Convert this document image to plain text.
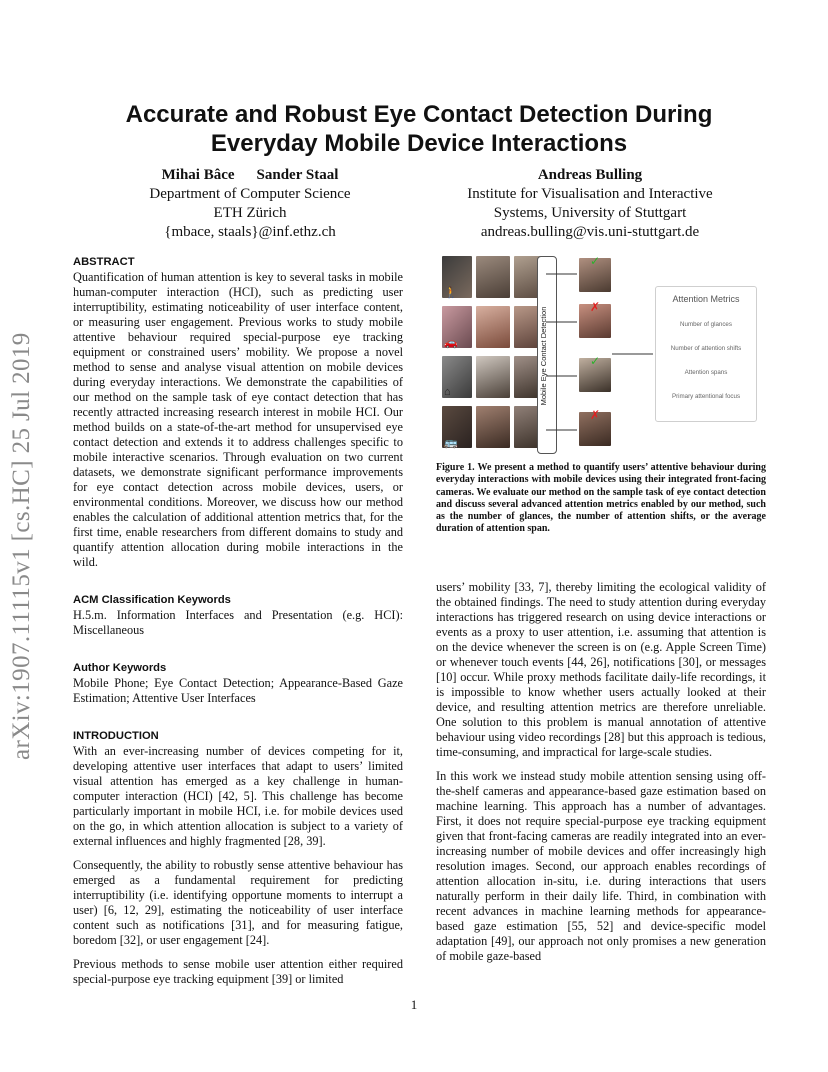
arXiv:1907.11115v1 [cs.HC] 25 Jul 2019
Accurate and Robust Eye Contact Detection During
Everyday Mobile Device Interactions
Mihai Bâce Sander Staal
Department of Computer Science
ETH Zürich
{mbace, staals}@inf.ethz.ch
Andreas Bulling
Institute for Visualisation and Interactive
Systems, University of Stuttgart
andreas.bulling@vis.uni-stuttgart.de
ABSTRACT

Quantification of human attention is key to several tasks in mobile human-computer interaction (HCI), such as predicting user interruptibility, estimating noticeability of user interface content, or measuring user engagement. Previous works to study mobile attentive behaviour required special-purpose eye tracking equipment or constrained users’ mobility. We propose a novel method to sense and analyse visual attention on mobile devices during everyday interactions. We demonstrate the capabilities of our method on the sample task of eye contact detection that has recently attracted increasing research interest in mobile HCI. Our method builds on a state-of-the-art method for unsupervised eye contact detection and extends it to address challenges specific to mobile interactive scenarios. Through evaluation on two current datasets, we demonstrate significant performance improvements for eye contact detection across mobile devices, users, or environmental conditions. Moreover, we discuss how our method enables the calculation of additional attention metrics that, for the first time, enable researchers from different domains to study and quantify attention allocation during mobile interactions in the wild.

ACM Classification Keywords

H.5.m. Information Interfaces and Presentation (e.g. HCI): Miscellaneous

Author Keywords

Mobile Phone; Eye Contact Detection; Appearance-Based Gaze Estimation; Attentive User Interfaces

INTRODUCTION

With an ever-increasing number of devices competing for it, developing attentive user interfaces that adapt to users’ limited visual attention has emerged as a key challenge in human-computer interaction (HCI) [42, 5]. This challenge has become particularly important in mobile HCI, i.e. for mobile devices used on the go, in which attention allocation is subject to a variety of external influences and highly fragmented [28, 39].

Consequently, the ability to robustly sense attentive behaviour has emerged as a fundamental requirement for predicting interruptibility (i.e. identifying opportune moments to interrupt a user) [6, 12, 29], estimating the noticeability of user interface content such as notifications [31], and for measuring fatigue, boredom [32], or user engagement [24].

Previous methods to sense mobile user attention either required special-purpose eye tracking equipment [39] or limited

🚶
🚗
⌂
🚌
Mobile Eye Contact Detection
✓
✗
✓
✗
Attention Metrics
Number of glances
Number of attention shifts
Attention spans
Primary attentional focus
Figure 1. We present a method to quantify users’ attentive behaviour during everyday interactions with mobile devices using their integrated front-facing cameras. We evaluate our method on the sample task of eye contact detection and discuss several advanced attention metrics enabled by our method, such as the number of glances, the number of attention shifts, or the average duration of attention span.

users’ mobility [33, 7], thereby limiting the ecological validity of the obtained findings. The need to study attention during everyday interactions has triggered research on using device interactions or events as a proxy to user attention, i.e. assuming that attention is on the device whenever the screen is on (e.g. Apple Screen Time) or whenever touch events [44, 26], notifications [30], or messages [10] occur. While proxy methods facilitate daily-life recordings, it is impossible to know whether users actually looked at their device, and resulting attention metrics are therefore unreliable. One solution to this problem is manual annotation of attentive behaviour using video recordings [28] but this approach is tedious, time-consuming, and impractical for large-scale studies.

In this work we instead study mobile attention sensing using off-the-shelf cameras and appearance-based gaze estimation based on machine learning. This approach has a number of advantages. First, it does not require special-purpose eye tracking equipment given that front-facing cameras are readily integrated into an ever-increasing number of mobile devices and offer increasingly high resolution images. Second, our approach enables recordings of attention allocation in-situ, i.e. during interactions that users naturally perform in their daily life. Third, in combination with recent advances in machine learning methods for appearance-based gaze estimation [55, 52] and device-specific model adaptation [49], our approach not only promises a new generation of mobile gaze-based

1
